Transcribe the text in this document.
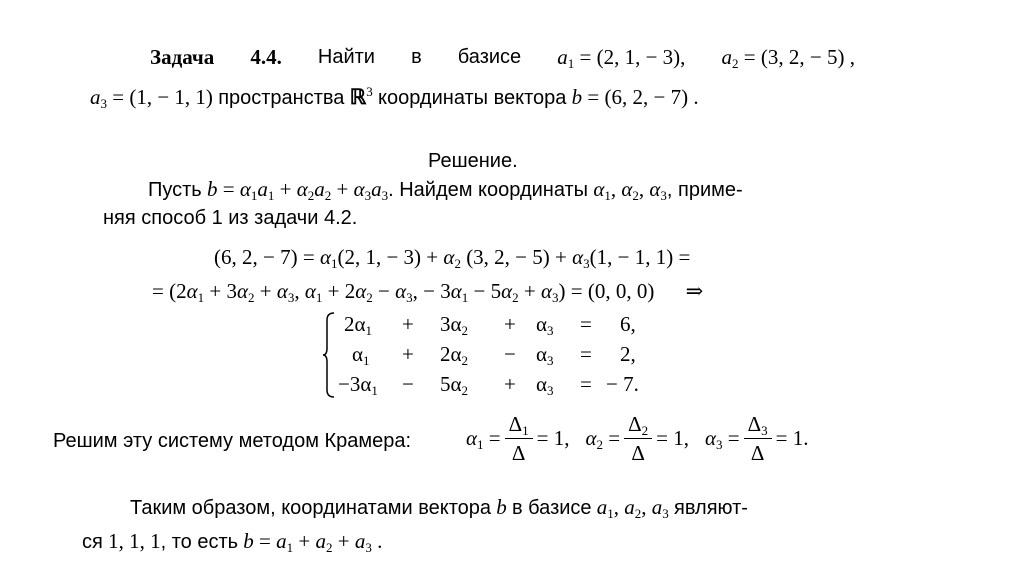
Задача 4.4. Найти в базисе $a_1 = (2$, 1, − 3), $a_2 = (3$, 2, − 5) ,
$a_3 = (1$, − 1, 1) пространства ℝ$^3$ координаты вектора b = (6, 2, − 7) .
Решение.
Пусть $b = \alpha_1a_1 + \alpha_2a_2 + \alpha_3a_3$. Найдем координаты $\alpha_1$, $\alpha_2$, $\alpha_3$, приме-
няя способ 1 из задачи 4.2.
(6, 2, − $7) = \alpha_1(2$, 1, − $3) + \alpha_2$ (3, 2, − $5) + \alpha_3(1$, − 1, 1) =
= ($2\alpha_1 + 3\alpha_2 + \alpha_3$, $\alpha_1 + 2\alpha_2 - \alpha_3$, − $3\alpha_1 - 5\alpha_2 + \alpha_3) = (0$, 0, 0) ⇒
$2\alpha_1 + 3\alpha_2 + \alpha_3 = 6$,
$\alpha_1 + 2\alpha_2 - \alpha_3 = 2$,
$-3\alpha_1 - 5\alpha_2 + \alpha_3$ = − 7.
Решим эту систему методом Крамера:	$\alpha_1 = \frac{\Delta_1}{\Delta} = 1$, $\alpha_2 = \frac{\Delta_2}{\Delta} = 1$, $\alpha_3 = \frac{\Delta_3}{\Delta} = 1$.
Таким образом, координатами вектора b в базисе $a_1$, $a_2$, $a_3$ являют-
ся 1, 1, 1, то есть $b = a_1 + a_2 + a_3$ .
